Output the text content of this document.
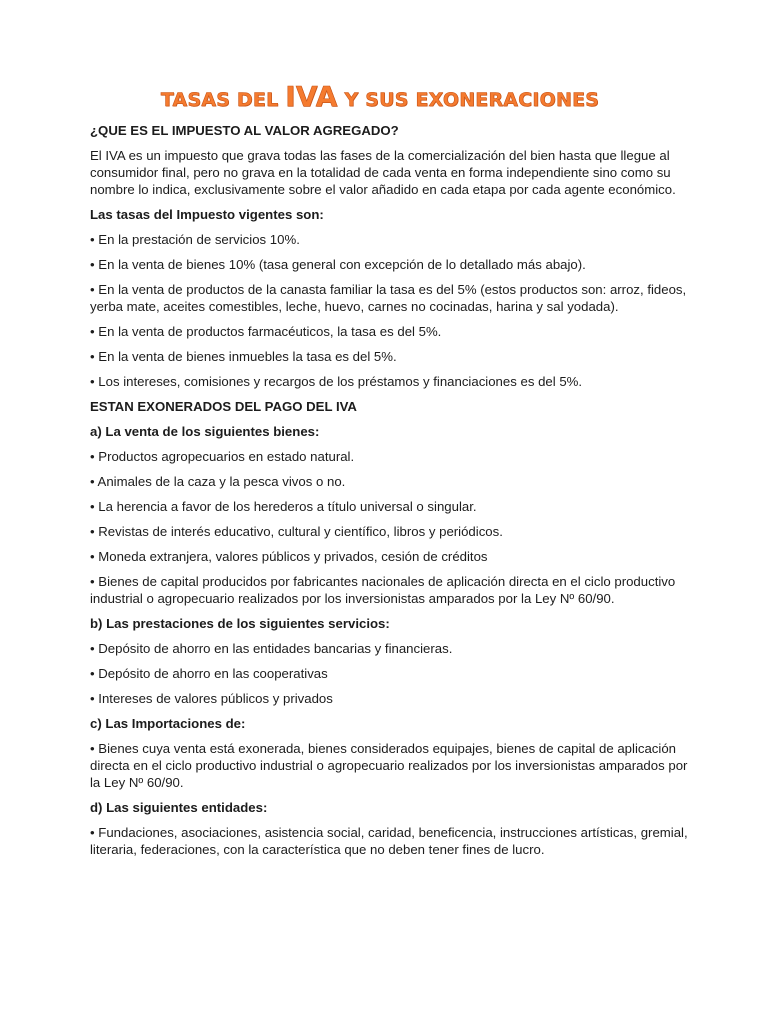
TASAS DEL IVA Y SUS EXONERACIONES
¿QUE ES EL IMPUESTO AL VALOR AGREGADO?
El IVA es un impuesto que grava todas las fases de la comercialización del bien hasta que llegue al consumidor final, pero no grava en la totalidad de cada venta en forma independiente sino como su nombre lo indica, exclusivamente sobre el valor añadido en cada etapa por cada agente económico.
Las tasas del Impuesto vigentes son:
• En la prestación de servicios 10%.
• En la venta de bienes 10% (tasa general con excepción de lo detallado más abajo).
• En la venta de productos de la canasta familiar la tasa es del 5% (estos productos son: arroz, fideos, yerba mate, aceites comestibles, leche, huevo, carnes no cocinadas, harina y sal yodada).
• En la venta de productos farmacéuticos, la tasa es del 5%.
• En la venta de bienes inmuebles la tasa es del 5%.
• Los intereses, comisiones y recargos de los préstamos y financiaciones es del 5%.
ESTAN EXONERADOS DEL PAGO DEL IVA
a) La venta de los siguientes bienes:
• Productos agropecuarios en estado natural.
• Animales de la caza y la pesca vivos o no.
• La herencia a favor de los herederos a título universal o singular.
• Revistas de interés educativo, cultural y científico, libros y periódicos.
• Moneda extranjera, valores públicos y privados, cesión de créditos
• Bienes de capital producidos por fabricantes nacionales de aplicación directa en el ciclo productivo industrial o agropecuario realizados por los inversionistas amparados por la Ley Nº 60/90.
b) Las prestaciones de los siguientes servicios:
• Depósito de ahorro en las entidades bancarias y financieras.
• Depósito de ahorro en las cooperativas
• Intereses de valores públicos y privados
c) Las Importaciones de:
• Bienes cuya venta está exonerada, bienes considerados equipajes, bienes de capital de aplicación directa en el ciclo productivo industrial o agropecuario realizados por los inversionistas amparados por la Ley Nº 60/90.
d) Las siguientes entidades:
• Fundaciones, asociaciones, asistencia social, caridad, beneficencia, instrucciones artísticas, gremial, literaria, federaciones, con la característica que no deben tener fines de lucro.
